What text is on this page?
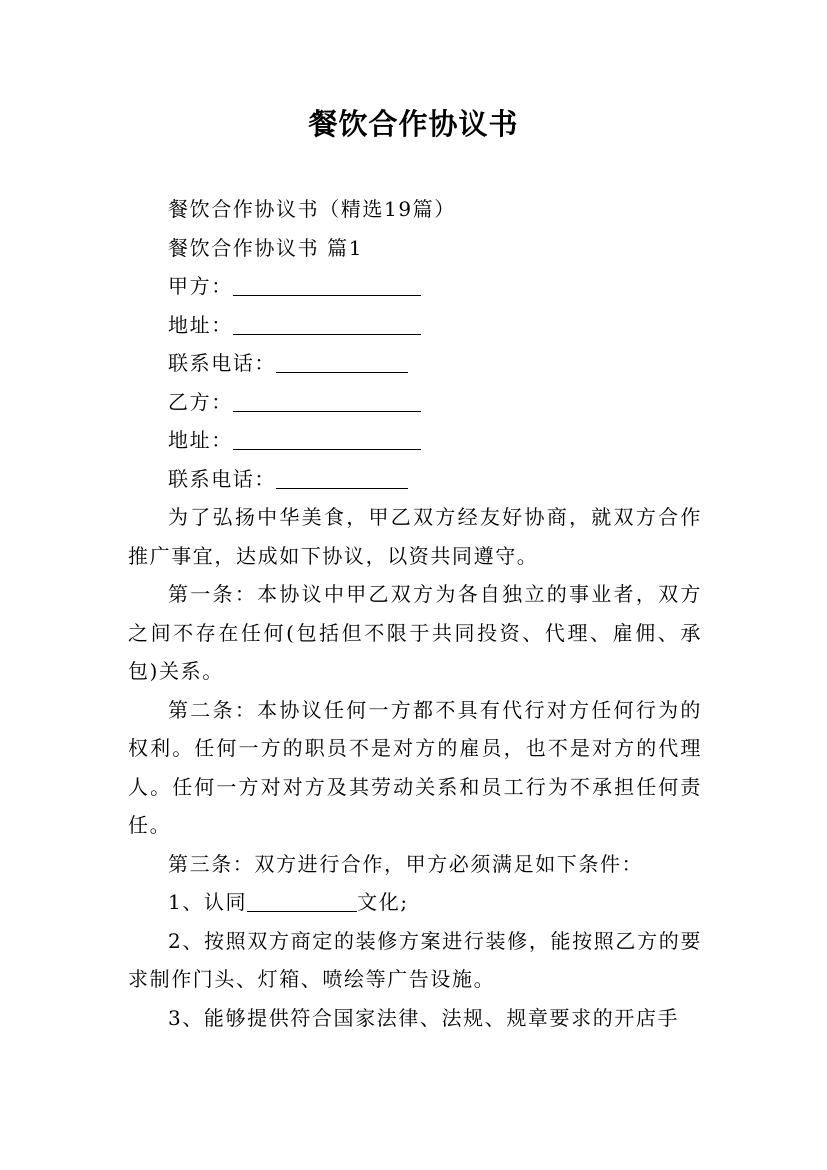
餐饮合作协议书

餐饮合作协议书（精选19篇）

餐饮合作协议书 篇1

甲方：

地址：

联系电话：

乙方：

地址：

联系电话：

为了弘扬中华美食，甲乙双方经友好协商，就双方合作推广事宜，达成如下协议，以资共同遵守。

第一条：本协议中甲乙双方为各自独立的事业者，双方之间不存在任何(包括但不限于共同投资、代理、雇佣、承包)关系。

第二条：本协议任何一方都不具有代行对方任何行为的权利。任何一方的职员不是对方的雇员，也不是对方的代理人。任何一方对对方及其劳动关系和员工行为不承担任何责任。

第三条：双方进行合作，甲方必须满足如下条件：

1、认同	文化;

2、按照双方商定的装修方案进行装修，能按照乙方的要求制作门头、灯箱、喷绘等广告设施。

3、能够提供符合国家法律、法规、规章要求的开店手
